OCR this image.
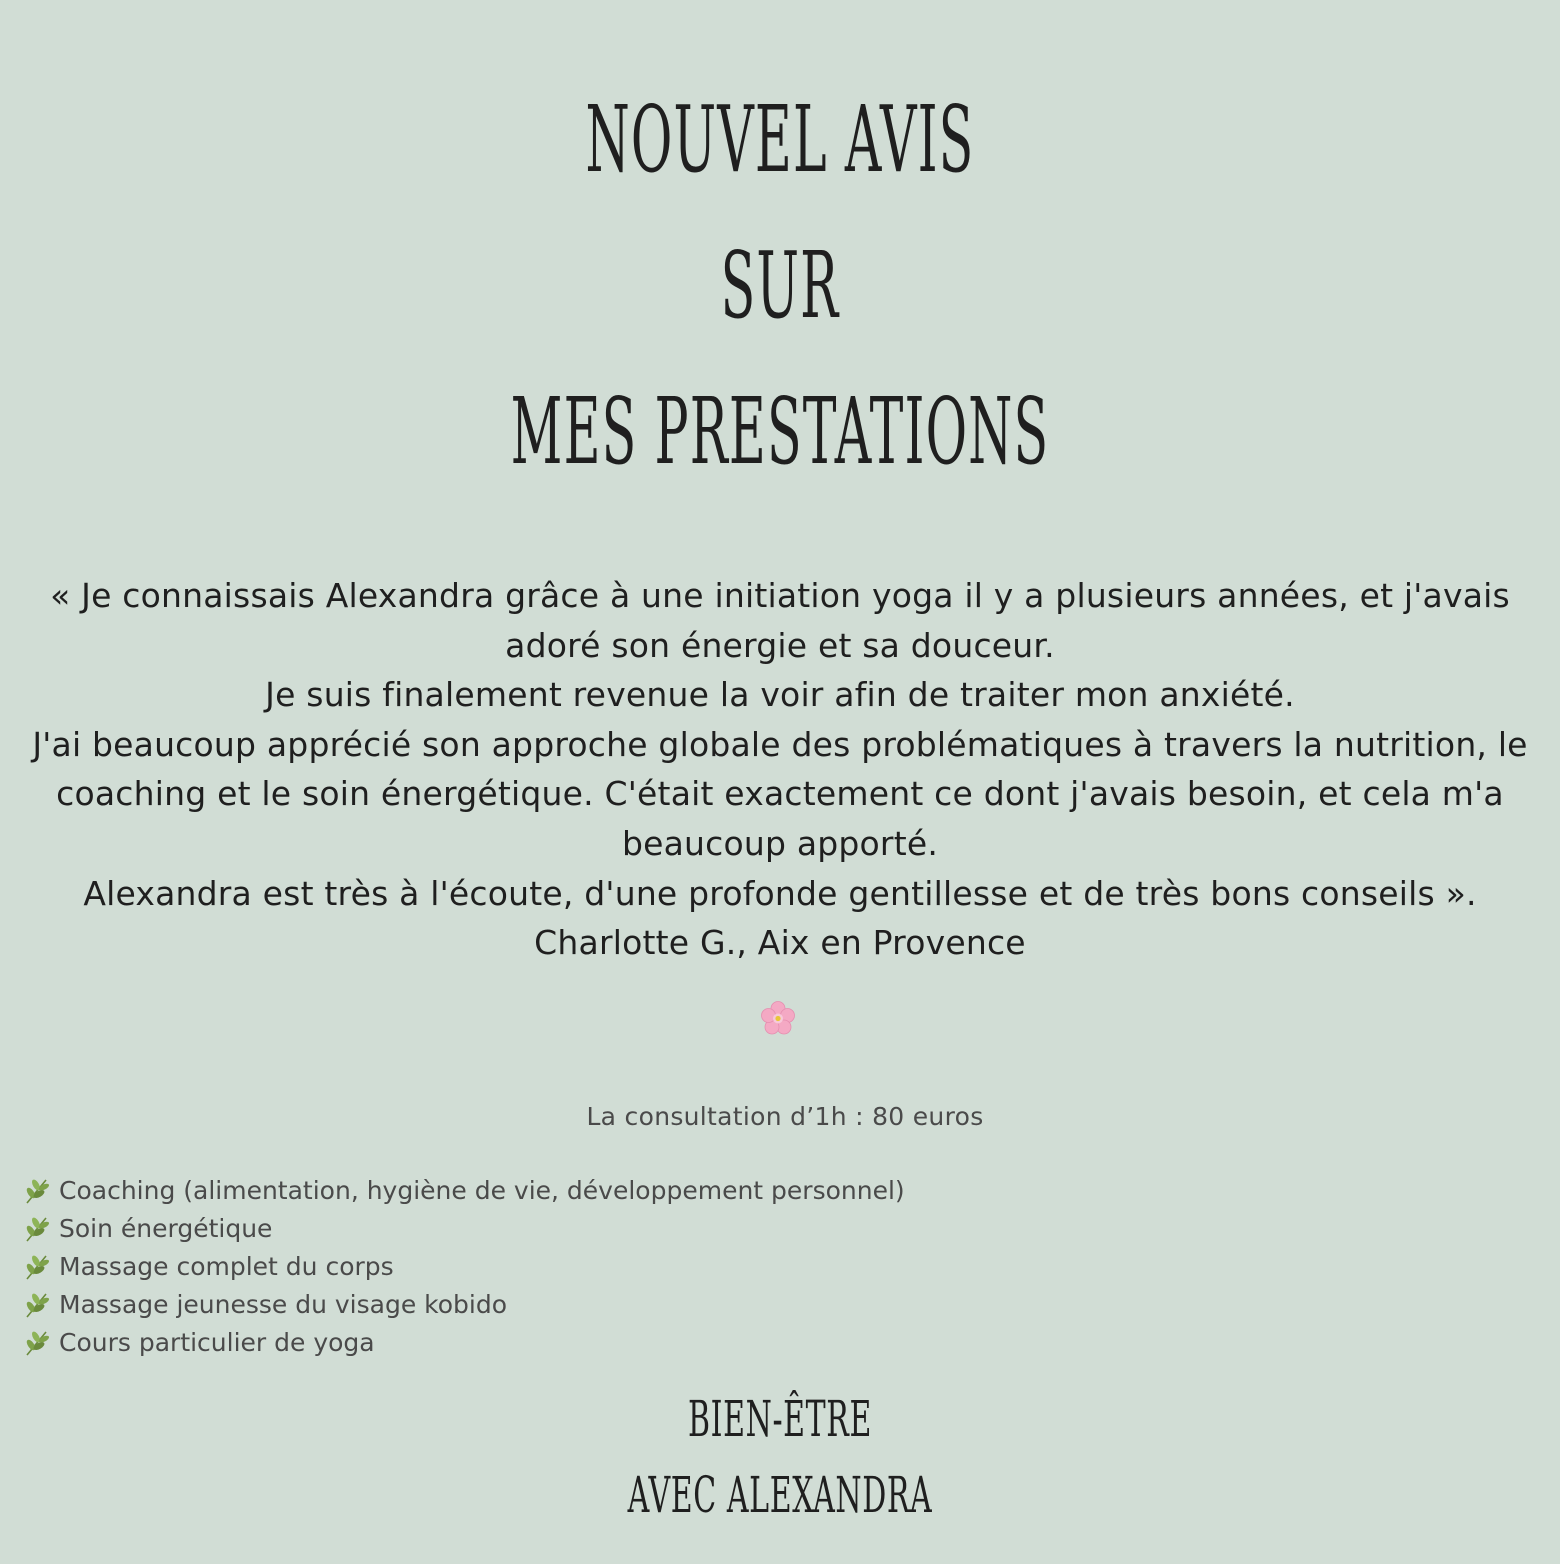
NOUVEL AVIS
SUR
MES PRESTATIONS

« Je connaissais Alexandra grâce à une initiation yoga il y a plusieurs années, et j'avais adoré son énergie et sa douceur.

Je suis finalement revenue la voir afin de traiter mon anxiété.

J'ai beaucoup apprécié son approche globale des problématiques à travers la nutrition, le coaching et le soin énergétique. C'était exactement ce dont j'avais besoin, et cela m'a beaucoup apporté.

Alexandra est très à l'écoute, d'une profonde gentillesse et de très bons conseils ».

Charlotte G., Aix en Provence

La consultation d’1h : 80 euros
Coaching (alimentation, hygiène de vie, développement personnel)
Soin énergétique
Massage complet du corps
Massage jeunesse du visage kobido
Cours particulier de yoga
BIEN-ÊTRE
AVEC ALEXANDRA
